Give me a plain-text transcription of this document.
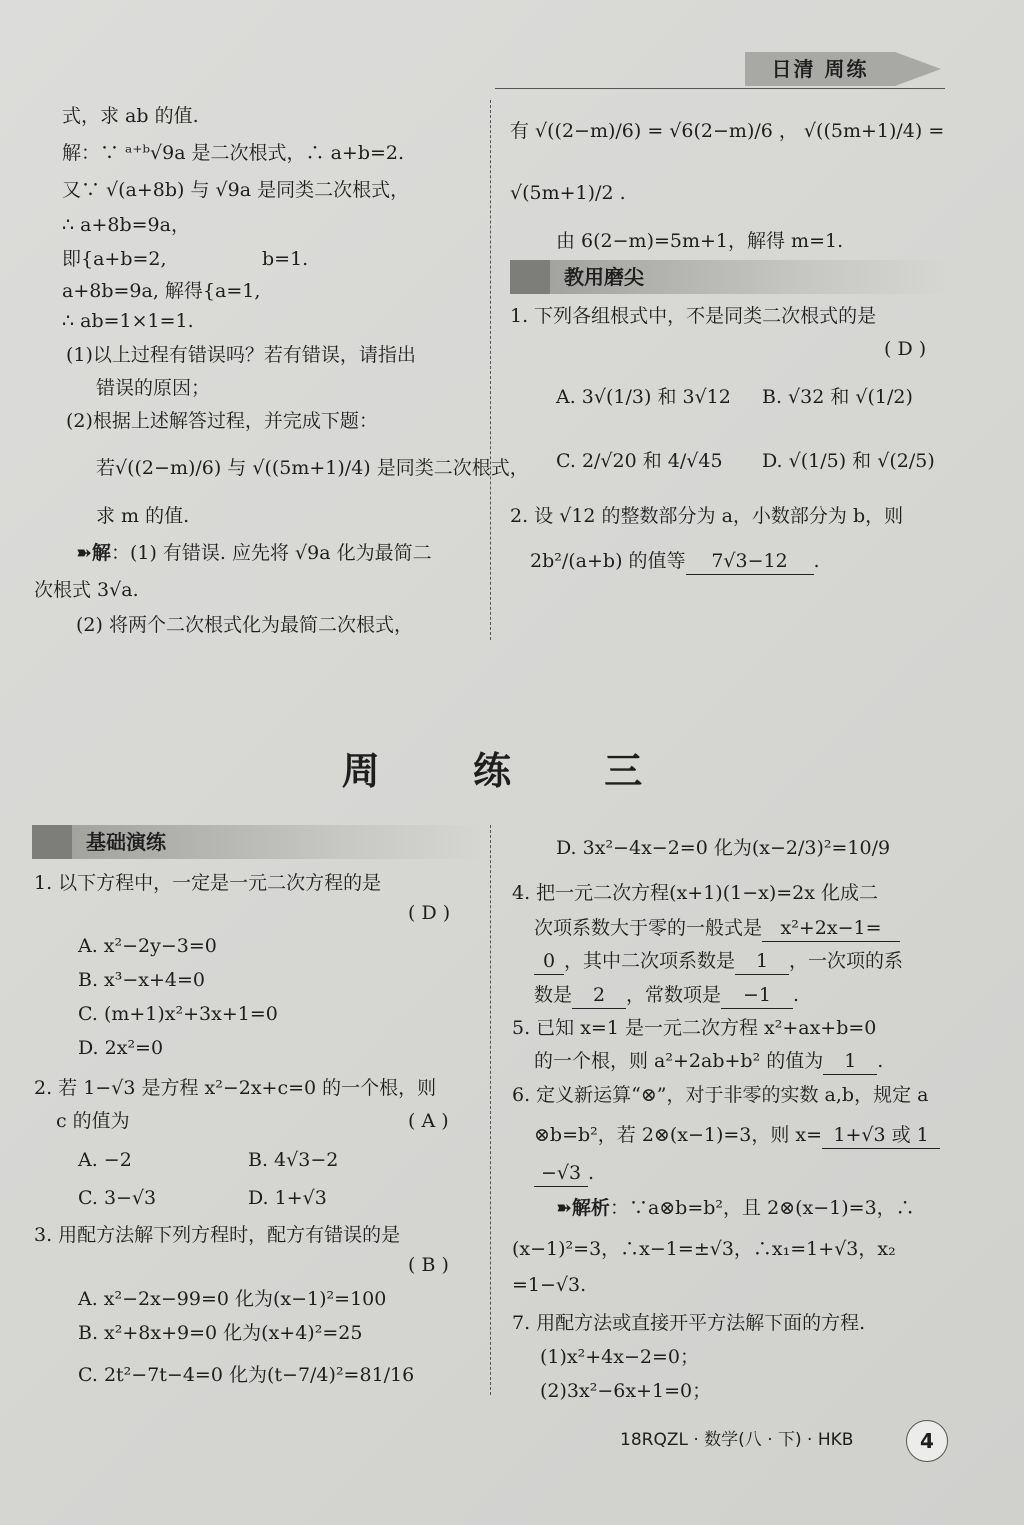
日清 周练
式，求 ab 的值.
解：∵ ᵃ⁺ᵇ√9a 是二次根式，∴ a+b=2.
又∵ √(a+8b) 与 √9a 是同类二次根式，
∴ a+8b=9a，
即{a+b=2,
a+8b=9a, 解得{a=1,
b=1.
∴ ab=1×1=1.
(1)以上过程有错误吗？若有错误，请指出
错误的原因；
(2)根据上述解答过程，并完成下题：
若√((2−m)/6) 与 √((5m+1)/4) 是同类二次根式，
求 m 的值.
➽解：(1) 有错误. 应先将 √9a 化为最简二
次根式 3√a.
(2) 将两个二次根式化为最简二次根式，
有 √((2−m)/6) = √6(2−m)/6 ， √((5m+1)/4) =
√(5m+1)/2 .
由 6(2−m)=5m+1，解得 m=1.
教用磨尖
1. 下列各组根式中，不是同类二次根式的是
( D )
A. 3√(1/3) 和 3√12 B. √32 和 √(1/2)
C. 2/√20 和 4/√45 D. √(1/5) 和 √(2/5)
2. 设 √12 的整数部分为 a，小数部分为 b，则
2b²/(a+b) 的值等 7√3−12 .
周 练 三
基础演练
1. 以下方程中，一定是一元二次方程的是
( D )
A. x²−2y−3=0
B. x³−x+4=0
C. (m+1)x²+3x+1=0
D. 2x²=0
2. 若 1−√3 是方程 x²−2x+c=0 的一个根，则
c 的值为	( A )
A. −2	B. 4√3−2
C. 3−√3	D. 1+√3
3. 用配方法解下列方程时，配方有错误的是
( B )
A. x²−2x−99=0 化为(x−1)²=100
B. x²+8x+9=0 化为(x+4)²=25
C. 2t²−7t−4=0 化为(t−7/4)²=81/16
D. 3x²−4x−2=0 化为(x−2/3)²=10/9
4. 把一元二次方程(x+1)(1−x)=2x 化成二
次项系数大于零的一般式是 x²+2x−1=
0 ，其中二次项系数是 1 ，一次项的系
数是 2 ，常数项是 −1 .
5. 已知 x=1 是一元二次方程 x²+ax+b=0
的一个根，则 a²+2ab+b² 的值为 1 .
6. 定义新运算“⊗”，对于非零的实数 a,b，规定 a
⊗b=b²，若 2⊗(x−1)=3，则 x= 1+√3 或 1
−√3 .
➽解析：∵a⊗b=b²，且 2⊗(x−1)=3，∴
(x−1)²=3，∴x−1=±√3，∴x₁=1+√3，x₂
=1−√3.
7. 用配方法或直接开平方法解下面的方程.
(1)x²+4x−2=0；
(2)3x²−6x+1=0；
18RQZL · 数学(八 · 下) · HKB	4
